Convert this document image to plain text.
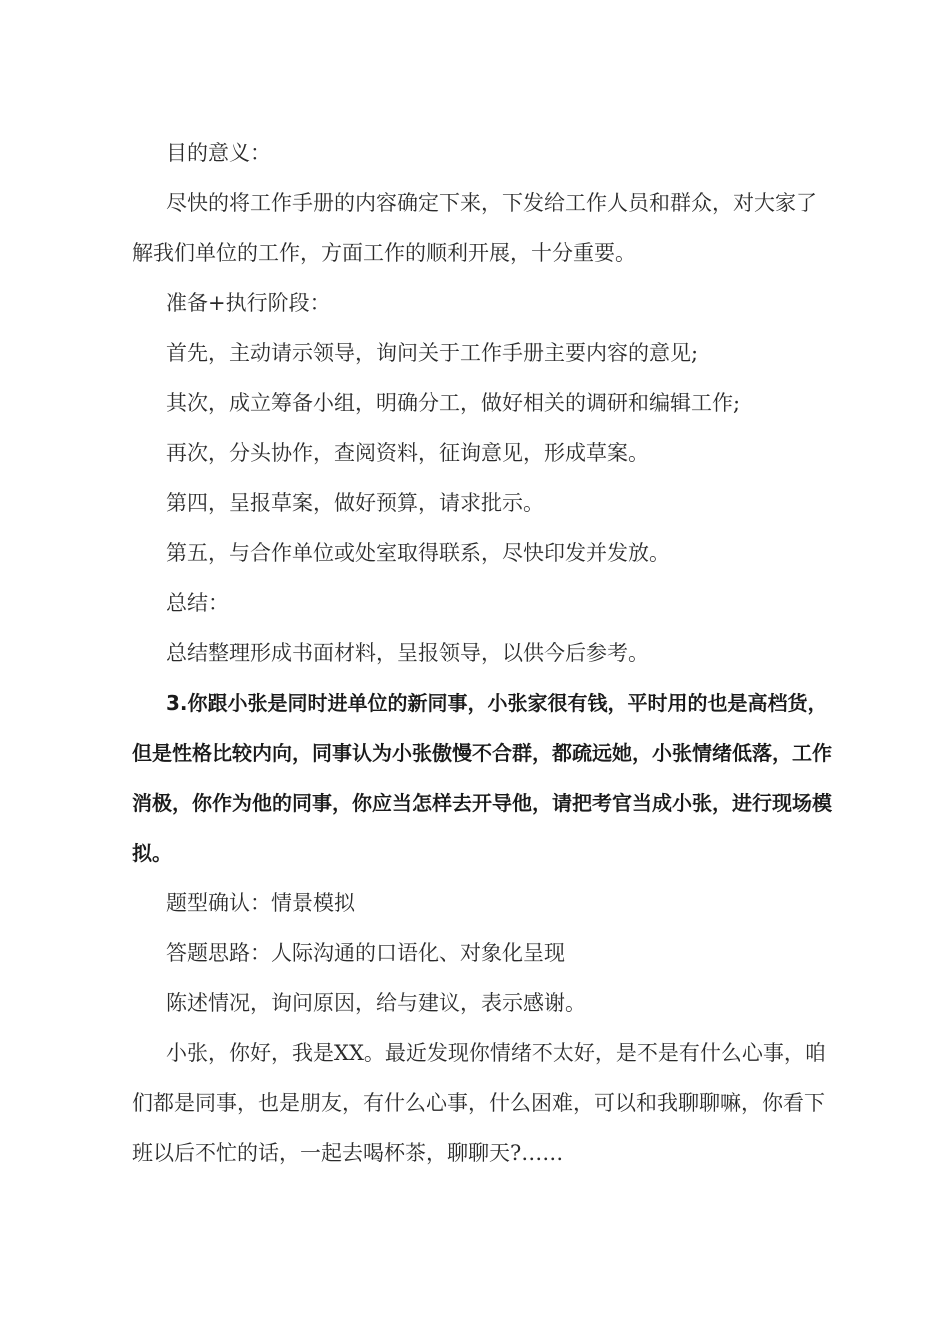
目的意义：

尽快的将工作手册的内容确定下来，下发给工作人员和群众，对大家了解我们单位的工作，方面工作的顺利开展，十分重要。

准备+执行阶段：

首先，主动请示领导，询问关于工作手册主要内容的意见;

其次，成立筹备小组，明确分工，做好相关的调研和编辑工作;

再次，分头协作，查阅资料，征询意见，形成草案。

第四，呈报草案，做好预算，请求批示。

第五，与合作单位或处室取得联系，尽快印发并发放。

总结：

总结整理形成书面材料，呈报领导，以供今后参考。

3.你跟小张是同时进单位的新同事，小张家很有钱，平时用的也是高档货，但是性格比较内向，同事认为小张傲慢不合群，都疏远她，小张情绪低落，工作消极，你作为他的同事，你应当怎样去开导他，请把考官当成小张，进行现场模拟。

题型确认：情景模拟

答题思路：人际沟通的口语化、对象化呈现

陈述情况，询问原因，给与建议，表示感谢。

小张，你好，我是XX。最近发现你情绪不太好，是不是有什么心事，咱们都是同事，也是朋友，有什么心事，什么困难，可以和我聊聊嘛，你看下班以后不忙的话，一起去喝杯茶，聊聊天?……
